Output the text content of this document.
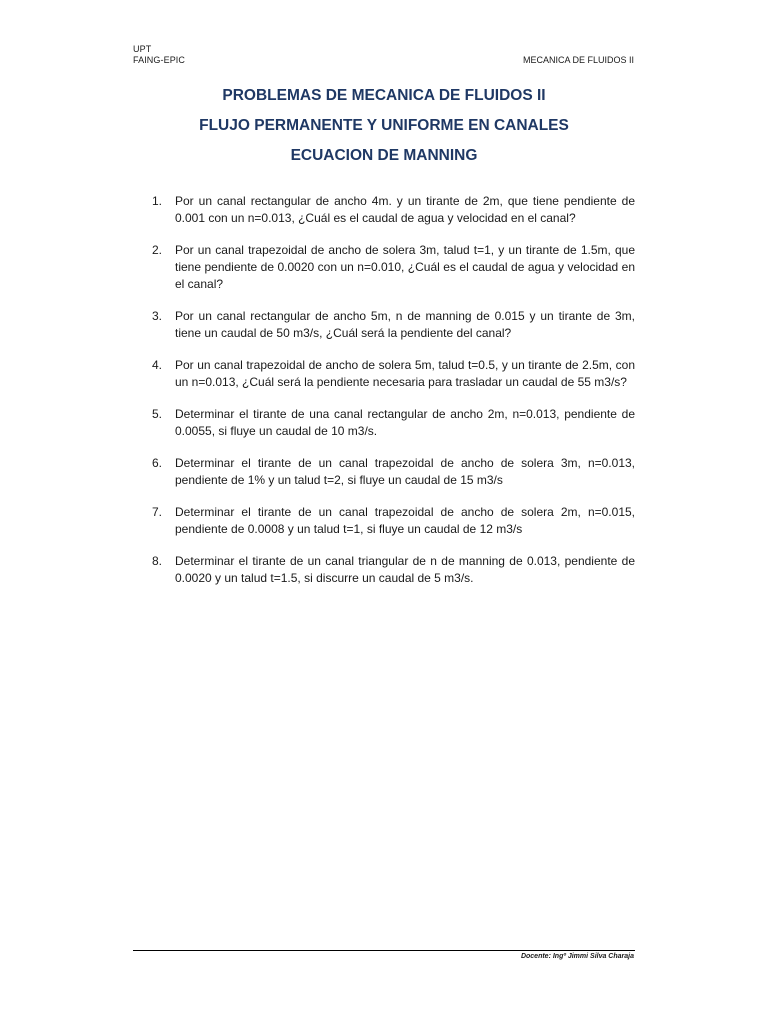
UPT
FAING-EPIC	MECANICA DE FLUIDOS II
PROBLEMAS DE MECANICA DE FLUIDOS II
FLUJO PERMANENTE Y UNIFORME EN CANALES
ECUACION DE MANNING
1. Por un canal rectangular de ancho 4m. y un tirante de 2m, que tiene pendiente de 0.001 con un n=0.013, ¿Cuál es el caudal de agua y velocidad en el canal?
2. Por un canal trapezoidal de ancho de solera 3m, talud t=1, y un tirante de 1.5m, que tiene pendiente de 0.0020 con un n=0.010, ¿Cuál es el caudal de agua y velocidad en el canal?
3. Por un canal rectangular de ancho 5m, n de manning de 0.015 y un tirante de 3m, tiene un caudal de 50 m3/s, ¿Cuál será la pendiente del canal?
4. Por un canal trapezoidal de ancho de solera 5m, talud t=0.5, y un tirante de 2.5m, con un n=0.013, ¿Cuál será la pendiente necesaria para trasladar un caudal de 55 m3/s?
5. Determinar el tirante de una canal rectangular de ancho 2m, n=0.013, pendiente de 0.0055, si fluye un caudal de 10 m3/s.
6. Determinar el tirante de un canal trapezoidal de ancho de solera 3m, n=0.013, pendiente de 1% y un talud t=2, si fluye un caudal de 15 m3/s
7. Determinar el tirante de un canal trapezoidal de ancho de solera 2m, n=0.015, pendiente de 0.0008 y un talud t=1, si fluye un caudal de 12 m3/s
8. Determinar el tirante de un canal triangular de n de manning de 0.013, pendiente de 0.0020 y un talud t=1.5, si discurre un caudal de 5 m3/s.
Docente: Ingº Jimmi Silva Charaja
